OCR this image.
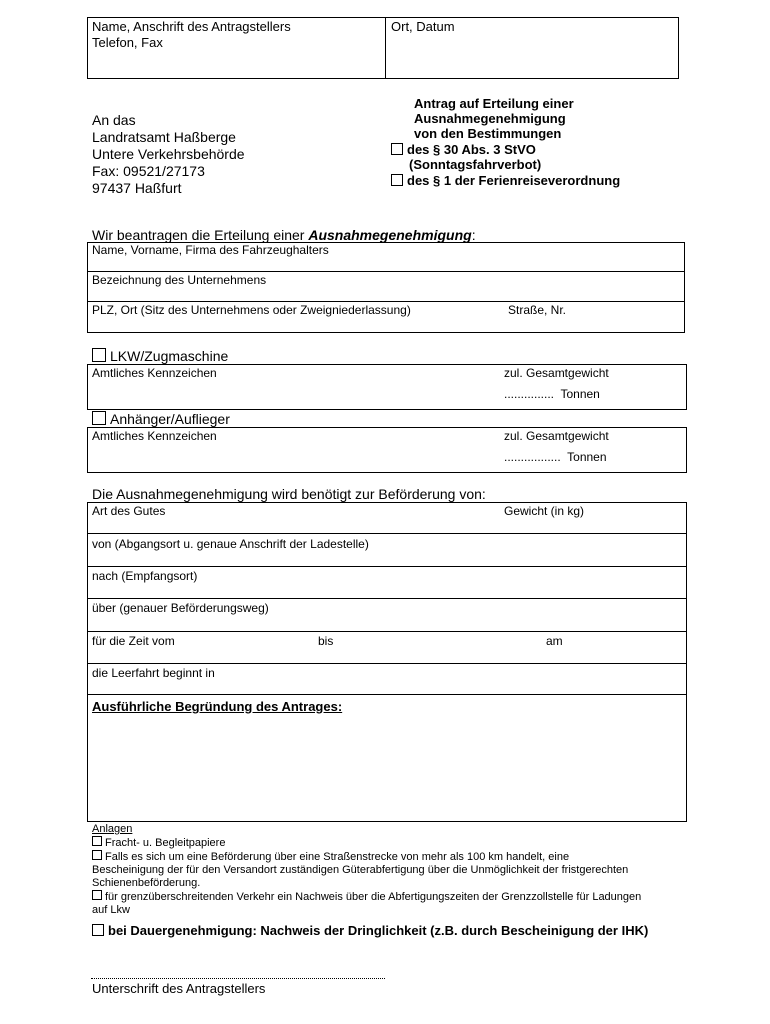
Name, Anschrift des Antragstellers
Telefon, Fax
Ort, Datum
An das
Landratsamt Haßberge
Untere Verkehrsbehörde
Fax: 09521/27173
97437 Haßfurt
Antrag auf Erteilung einer
Ausnahmegenehmigung
von den Bestimmungen
des § 30 Abs. 3 StVO
(Sonntagsfahrverbot)
des § 1 der Ferienreiseverordnung
Wir beantragen die Erteilung einer Ausnahmegenehmigung:
Name, Vorname, Firma des Fahrzeughalters
Bezeichnung des Unternehmens
PLZ, Ort (Sitz des Unternehmens oder Zweigniederlassung)	Straße, Nr.
LKW/Zugmaschine
Amtliches Kennzeichen	zul. Gesamtgewicht
............... Tonnen
Anhänger/Auflieger
Amtliches Kennzeichen	zul. Gesamtgewicht
................. Tonnen
Die Ausnahmegenehmigung wird benötigt zur Beförderung von:
Art des Gutes	Gewicht (in kg)
von (Abgangsort u. genaue Anschrift der Ladestelle)
nach (Empfangsort)
über (genauer Beförderungsweg)
für die Zeit vom	bis	am
die Leerfahrt beginnt in
Ausführliche Begründung des Antrages:
Anlagen
Fracht- u. Begleitpapiere
Falls es sich um eine Beförderung über eine Straßenstrecke von mehr als 100 km handelt, eine
Bescheinigung der für den Versandort zuständigen Güterabfertigung über die Unmöglichkeit der fristgerechten
Schienenbeförderung.
für grenzüberschreitenden Verkehr ein Nachweis über die Abfertigungszeiten der Grenzzollstelle für Ladungen
auf Lkw
bei Dauergenehmigung: Nachweis der Dringlichkeit (z.B. durch Bescheinigung der IHK)
Unterschrift des Antragstellers
